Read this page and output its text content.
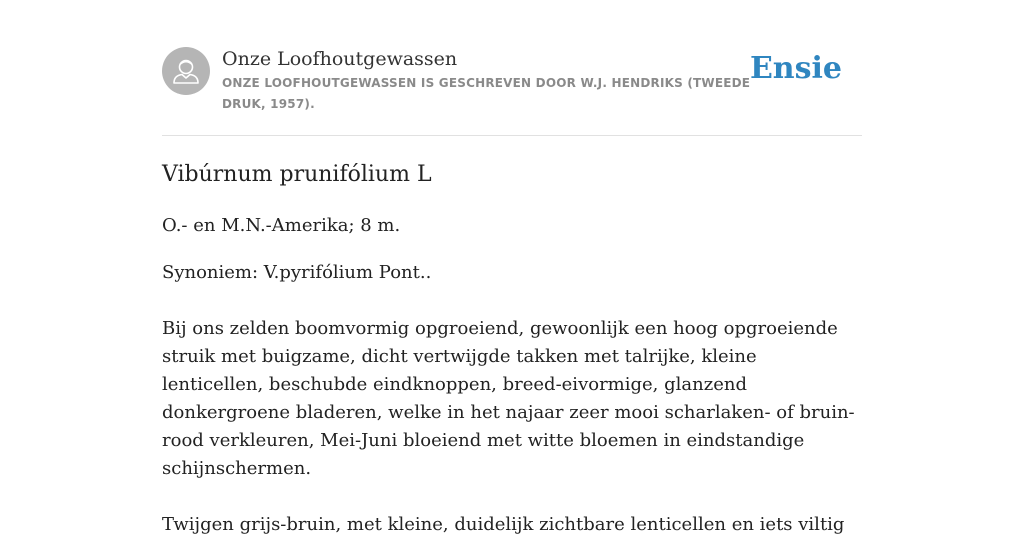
Onze Loofhoutgewassen
ONZE LOOFHOUTGEWASSEN IS GESCHREVEN DOOR W.J. HENDRIKS (TWEEDE DRUK, 1957).
Ensie
Vibúrnum prunifólium L

O.- en M.N.-Amerika; 8 m.

Synoniem: V.pyrifólium Pont..

Bij ons zelden boomvormig opgroeiend, gewoonlijk een hoog opgroeiende struik met buigzame, dicht vertwijgde takken met talrijke, kleine lenticellen, beschubde eindknoppen, breed-eivormige, glanzend donkergroene bladeren, welke in het najaar zeer mooi scharlaken- of bruin-rood verkleuren, Mei-Juni bloeiend met witte bloemen in eindstandige schijnschermen.

Twijgen grijs-bruin, met kleine, duidelijk zichtbare lenticellen en iets viltig
